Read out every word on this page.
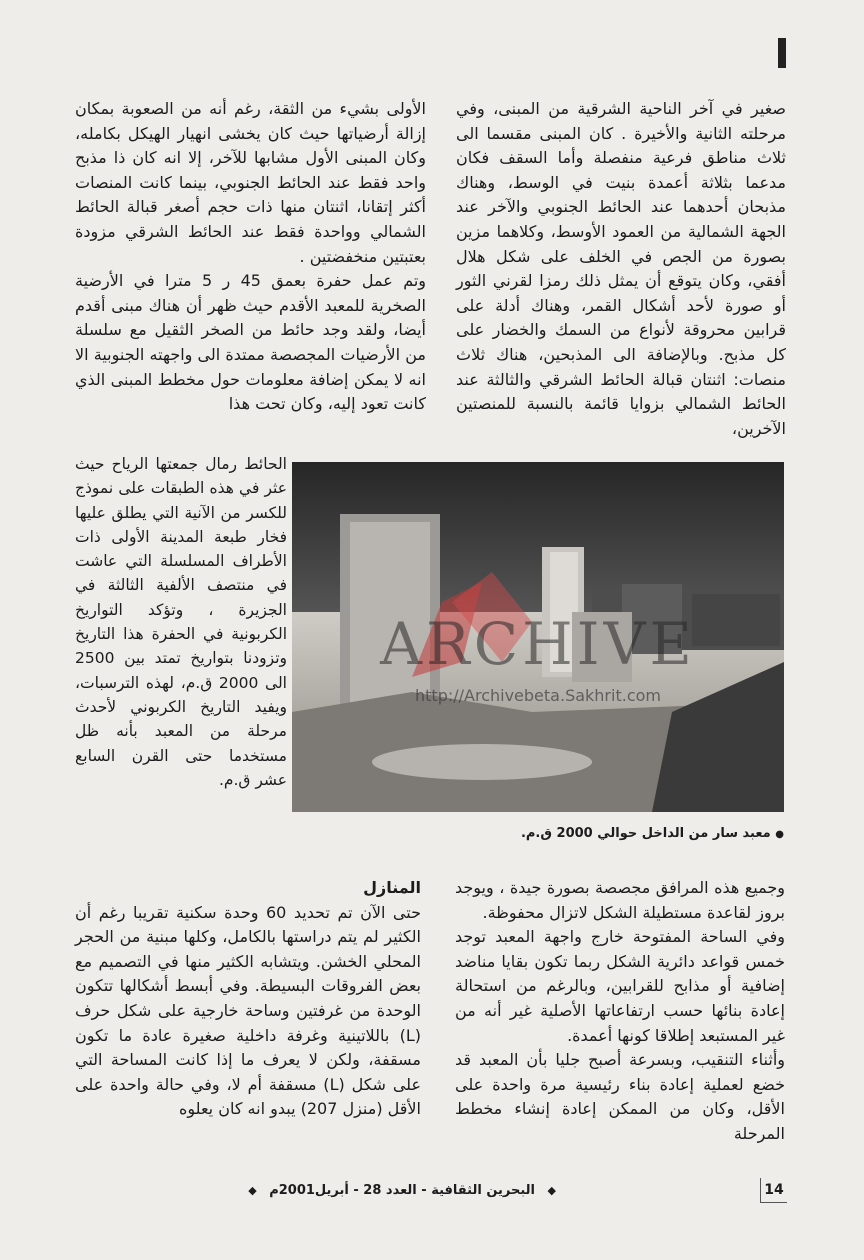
صغير في آخر الناحية الشرقية من المبنى، وفي مرحلته الثانية والأخيرة . كان المبنى مقسما الى ثلاث مناطق فرعية منفصلة وأما السقف فكان مدعما بثلاثة أعمدة بنيت في الوسط، وهناك مذبحان أحدهما عند الحائط الجنوبي والآخر عند الجهة الشمالية من العمود الأوسط، وكلاهما مزين بصورة من الجص في الخلف على شكل هلال أفقي، وكان يتوقع أن يمثل ذلك رمزا لقرني الثور أو صورة لأحد أشكال القمر، وهناك أدلة على قرابين محروقة لأنواع من السمك والخضار على كل مذبح. وبالإضافة الى المذبحين، هناك ثلاث منصات: اثنتان قبالة الحائط الشرقي والثالثة عند الحائط الشمالي بزوايا قائمة بالنسبة للمنصتين الآخرين،

الأولى بشيء من الثقة، رغم أنه من الصعوبة بمكان إزالة أرضياتها حيث كان يخشى انهيار الهيكل بكامله، وكان المبنى الأول مشابها للآخر، إلا انه كان ذا مذبح واحد فقط عند الحائط الجنوبي، بينما كانت المنصات أكثر إتقانا، اثنتان منها ذات حجم أصغر قبالة الحائط الشمالي وواحدة فقط عند الحائط الشرقي مزودة بعتبتين منخفضتين .

وتم عمل حفرة بعمق 45 ر 5 مترا في الأرضية الصخرية للمعبد الأقدم حيث ظهر أن هناك مبنى أقدم أيضا، ولقد وجد حائط من الصخر الثقيل مع سلسلة من الأرضيات المجصصة ممتدة الى واجهته الجنوبية الا انه لا يمكن إضافة معلومات حول مخطط المبنى الذي كانت تعود إليه، وكان تحت هذا

الحائط رمال جمعتها الرياح حيث عثر في هذه الطبقات على نموذج للكسر من الآنية التي يطلق عليها فخار طبعة المدينة الأولى ذات الأطراف المسلسلة التي عاشت في منتصف الألفية الثالثة في الجزيرة ، وتؤكد التواريخ الكربونية في الحفرة هذا التاريخ وتزودنا بتواريخ تمتد بين 2500 الى 2000 ق.م، لهذه الترسبات، ويفيد التاريخ الكربوني لأحدث مرحلة من المعبد بأنه ظل مستخدما حتى القرن السابع عشر ق.م.

ARCHIVE
http://Archivebeta.Sakhrit.com
● معبد سار من الداخل حوالي 2000 ق.م.

وجميع هذه المرافق مجصصة بصورة جيدة ، ويوجد بروز لقاعدة مستطيلة الشكل لاتزال محفوظة.

وفي الساحة المفتوحة خارج واجهة المعبد توجد خمس قواعد دائرية الشكل ربما تكون بقايا مناضد إضافية أو مذابح للقرابين، وبالرغم من استحالة إعادة بنائها حسب ارتفاعاتها الأصلية غير أنه من غير المستبعد إطلاقا كونها أعمدة.

وأثناء التنقيب، وبسرعة أصبح جليا بأن المعبد قد خضع لعملية إعادة بناء رئيسية مرة واحدة على الأقل، وكان من الممكن إعادة إنشاء مخطط المرحلة

المنازل

حتى الآن تم تحديد 60 وحدة سكنية تقريبا رغم أن الكثير لم يتم دراستها بالكامل، وكلها مبنية من الحجر المحلي الخشن. ويتشابه الكثير منها في التصميم مع بعض الفروقات البسيطة. وفي أبسط أشكالها تتكون الوحدة من غرفتين وساحة خارجية على شكل حرف (L) باللاتينية وغرفة داخلية صغيرة عادة ما تكون مسقفة، ولكن لا يعرف ما إذا كانت المساحة التي على شكل (L) مسقفة أم لا، وفي حالة واحدة على الأقل (منزل 207) يبدو انه كان يعلوه

◆ البحرين الثقافية - العدد 28 - أبريل2001م ◆	14
